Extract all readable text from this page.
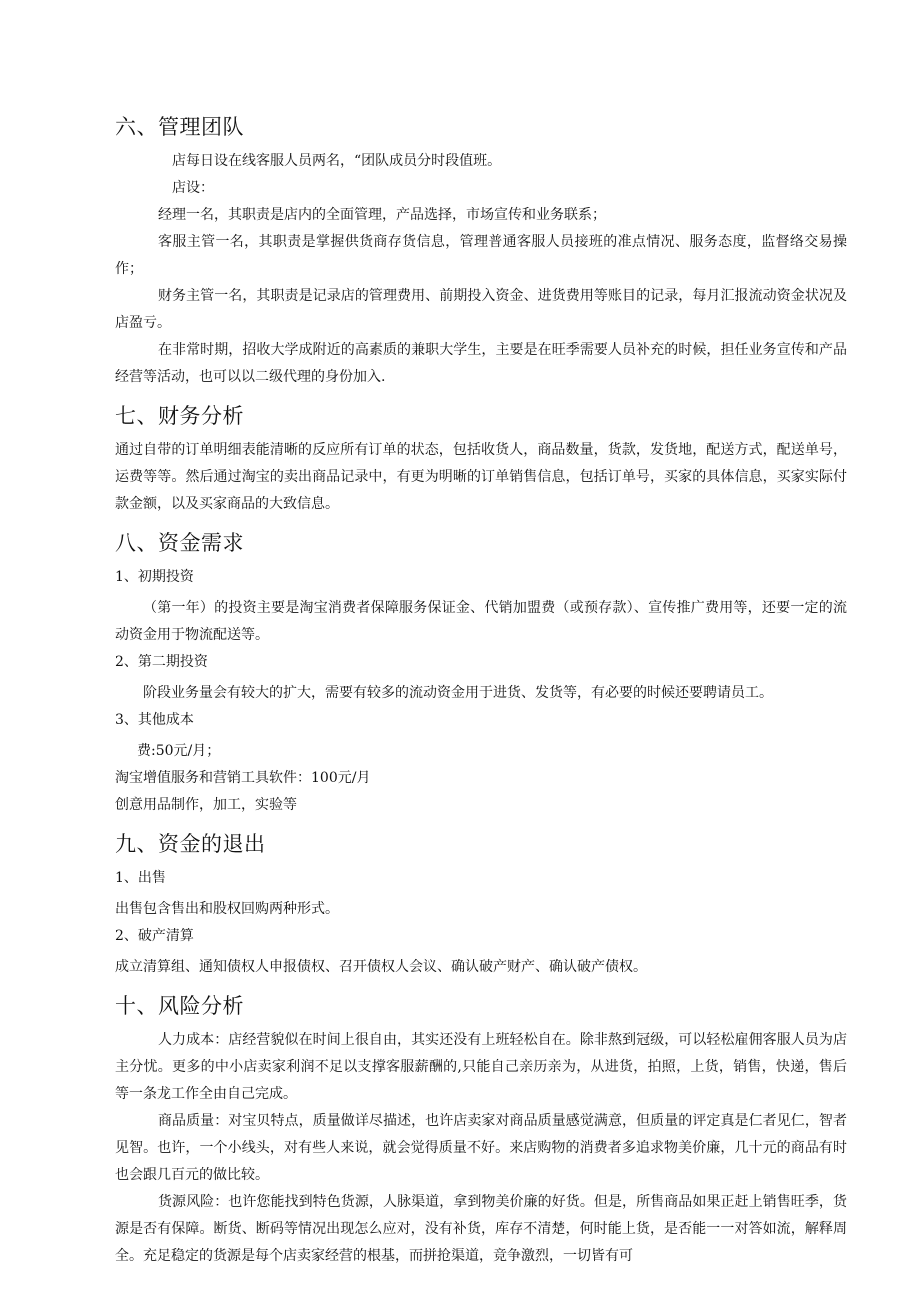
六、管理团队

店每日设在线客服人员两名，“团队成员分时段值班。

店设：

经理一名，其职责是店内的全面管理，产品选择，市场宣传和业务联系；

客服主管一名，其职责是掌握供货商存货信息，管理普通客服人员接班的准点情况、服务态度，监督络交易操作；

财务主管一名，其职责是记录店的管理费用、前期投入资金、进货费用等账目的记录，每月汇报流动资金状况及店盈亏。

在非常时期，招收大学成附近的高素质的兼职大学生，主要是在旺季需要人员补充的时候，担任业务宣传和产品经营等活动，也可以以二级代理的身份加入.

七、财务分析

通过自带的订单明细表能清晰的反应所有订单的状态，包括收货人，商品数量，货款，发货地，配送方式，配送单号，运费等等。然后通过淘宝的卖出商品记录中，有更为明晰的订单销售信息，包括订单号，买家的具体信息，买家实际付款金额，以及买家商品的大致信息。

八、资金需求

1、初期投资

（第一年）的投资主要是淘宝消费者保障服务保证金、代销加盟费（或预存款）、宣传推广费用等，还要一定的流动资金用于物流配送等。

2、第二期投资

阶段业务量会有较大的扩大，需要有较多的流动资金用于进货、发货等，有必要的时候还要聘请员工。

3、其他成本

费:50元/月；

淘宝增值服务和营销工具软件：100元/月

创意用品制作，加工，实验等

九、资金的退出

1、出售

出售包含售出和股权回购两种形式。

2、破产清算

成立清算组、通知债权人申报债权、召开债权人会议、确认破产财产、确认破产债权。

十、风险分析

人力成本：店经营貌似在时间上很自由，其实还没有上班轻松自在。除非熬到冠级，可以轻松雇佣客服人员为店主分忧。更多的中小店卖家利润不足以支撑客服薪酬的,只能自己亲历亲为，从进货，拍照，上货，销售，快递，售后等一条龙工作全由自己完成。

商品质量：对宝贝特点，质量做详尽描述，也许店卖家对商品质量感觉满意，但质量的评定真是仁者见仁，智者见智。也许，一个小线头，对有些人来说，就会觉得质量不好。来店购物的消费者多追求物美价廉，几十元的商品有时也会跟几百元的做比较。

货源风险：也许您能找到特色货源，人脉渠道，拿到物美价廉的好货。但是，所售商品如果正赶上销售旺季，货源是否有保障。断货、断码等情况出现怎么应对，没有补货，库存不清楚，何时能上货，是否能一一对答如流，解释周全。充足稳定的货源是每个店卖家经营的根基，而拼抢渠道，竞争激烈，一切皆有可
